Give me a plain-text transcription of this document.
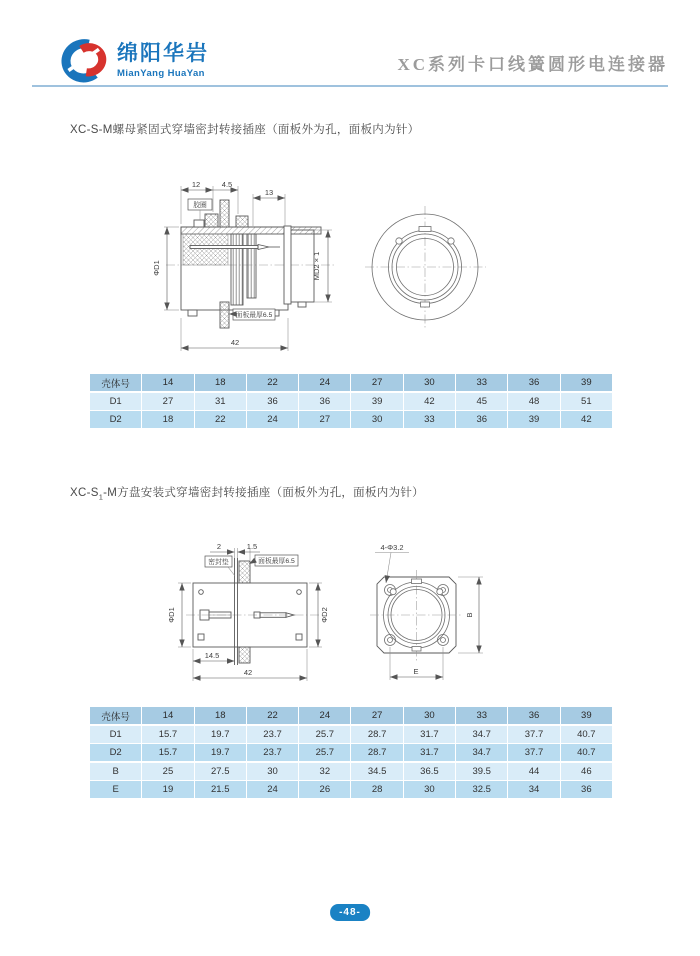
绵阳华岩
MianYang HuaYan	XC系列卡口线簧圆形电连接器
XC-S-M螺母紧固式穿墙密封转接插座（面板外为孔，面板内为针）
12	4.5
13
胶圈
ΦD1	MD2 × 1
面板最厚6.5
42
壳体号	14	18	22	24	27	30	33	36	39
D1	27	31	36	36	39	42	45	48	51
D2	18	22	24	27	30	33	36	39	42
$XC-S_1-M$方盘安装式穿墙密封转接插座（面板外为孔，面板内为针）
2	1.5
密封垫	面板最厚6.5
ΦD1	ΦD2
14.5
42
4-Φ3.2
B
E
壳体号	14	18	22	24	27	30	33	36	39
D1	15.7	19.7	23.7	25.7	28.7	31.7	34.7	37.7	40.7
D2	15.7	19.7	23.7	25.7	28.7	31.7	34.7	37.7	40.7
B	25	27.5	30	32	34.5	36.5	39.5	44	46
E	19	21.5	24	26	28	30	32.5	34	36
-48-
